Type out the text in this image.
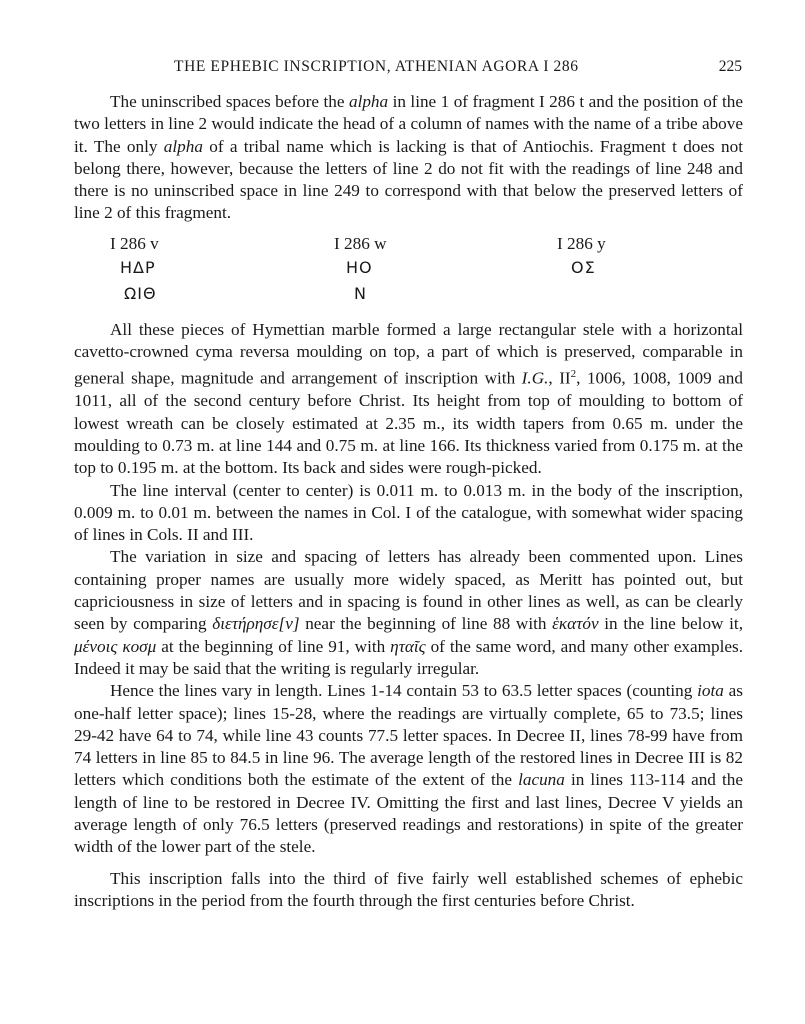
THE EPHEBIC INSCRIPTION, ATHENIAN AGORA I 286	225

The uninscribed spaces before the alpha in line 1 of fragment I 286 t and the position of the two letters in line 2 would indicate the head of a column of names with the name of a tribe above it. The only alpha of a tribal name which is lacking is that of Antiochis. Fragment t does not belong there, however, because the letters of line 2 do not fit with the readings of line 248 and there is no uninscribed space in line 249 to correspond with that below the preserved letters of line 2 of this fragment.

I 286 v
ΗΔΡ
ΩΙΘ
I 286 w
ΗΟ
Ν
I 286 y
ΟΣ

All these pieces of Hymettian marble formed a large rectangular stele with a horizontal cavetto-crowned cyma reversa moulding on top, a part of which is preserved, comparable in general shape, magnitude and arrangement of inscription with I.G., $II^2$, 1006, 1008, 1009 and 1011, all of the second century before Christ. Its height from top of moulding to bottom of lowest wreath can be closely estimated at 2.35 m., its width tapers from 0.65 m. under the moulding to 0.73 m. at line 144 and 0.75 m. at line 166. Its thickness varied from 0.175 m. at the top to 0.195 m. at the bottom. Its back and sides were rough-picked.

The line interval (center to center) is 0.011 m. to 0.013 m. in the body of the inscription, 0.009 m. to 0.01 m. between the names in Col. I of the catalogue, with somewhat wider spacing of lines in Cols. II and III.

The variation in size and spacing of letters has already been commented upon. Lines containing proper names are usually more widely spaced, as Meritt has pointed out, but capriciousness in size of letters and in spacing is found in other lines as well, as can be clearly seen by comparing διετήρησε[ν] near the beginning of line 88 with ἑκατόν in the line below it, μένοις κοσμ at the beginning of line 91, with ηταῖς of the same word, and many other examples. Indeed it may be said that the writing is regularly irregular.

Hence the lines vary in length. Lines 1-14 contain 53 to 63.5 letter spaces (counting iota as one-half letter space); lines 15-28, where the readings are virtually complete, 65 to 73.5; lines 29-42 have 64 to 74, while line 43 counts 77.5 letter spaces. In Decree II, lines 78-99 have from 74 letters in line 85 to 84.5 in line 96. The average length of the restored lines in Decree III is 82 letters which conditions both the estimate of the extent of the lacuna in lines 113-114 and the length of line to be restored in Decree IV. Omitting the first and last lines, Decree V yields an average length of only 76.5 letters (preserved readings and restorations) in spite of the greater width of the lower part of the stele.

This inscription falls into the third of five fairly well established schemes of ephebic inscriptions in the period from the fourth through the first centuries before Christ.
